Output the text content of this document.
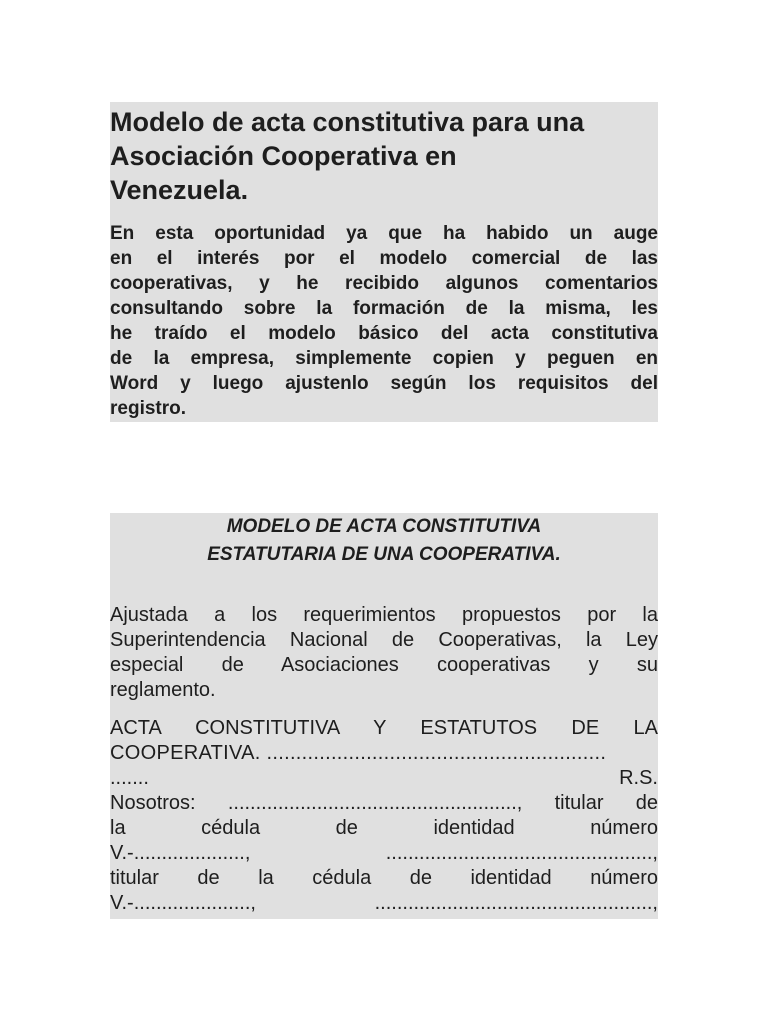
Modelo de acta constitutiva para una
Asociación Cooperativa en
Venezuela.
En esta oportunidad ya que ha habido un auge
en el interés por el modelo comercial de las
cooperativas, y he recibido algunos comentarios
consultando sobre la formación de la misma, les
he traído el modelo básico del acta constitutiva
de la empresa, simplemente copien y peguen en
Word y luego ajustenlo según los requisitos del
registro.
MODELO DE ACTA CONSTITUTIVA
ESTATUTARIA DE UNA COOPERATIVA.
Ajustada a los requerimientos propuestos por la
Superintendencia Nacional de Cooperativas, la Ley
especial de Asociaciones cooperativas y su
reglamento.
ACTA CONSTITUTIVA Y ESTATUTOS DE LA
COOPERATIVA. ..........................................................
....... R.S.
Nosotros: ...................................................., titular de
la cédula de identidad número
V.-...................., ................................................,
titular de la cédula de identidad número
V.-....................., ..................................................,
